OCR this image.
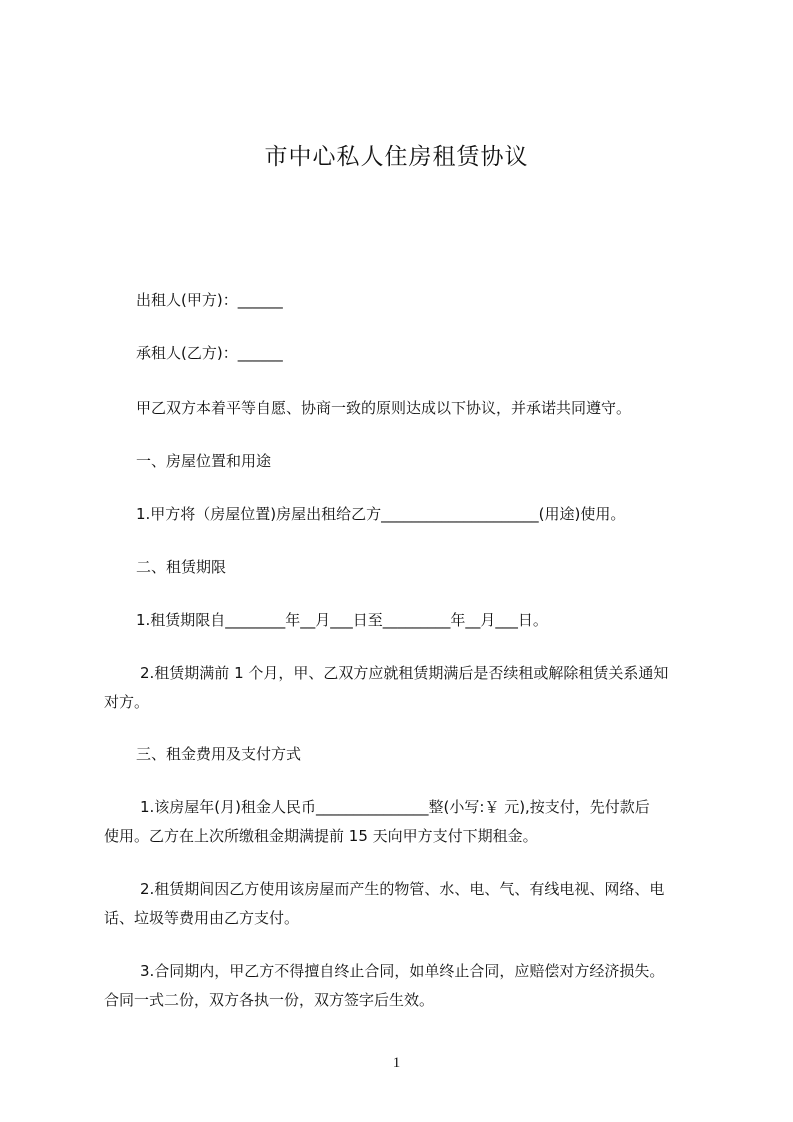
市中心私人住房租赁协议
出租人(甲方)：______
承租人(乙方)：______
甲乙双方本着平等自愿、协商一致的原则达成以下协议，并承诺共同遵守。
一、房屋位置和用途
1.甲方将（房屋位置)房屋出租给乙方_____________________(用途)使用。
二、租赁期限
1.租赁期限自________年__月___日至_________年__月___日。
2.租赁期满前 1 个月，甲、乙双方应就租赁期满后是否续租或解除租赁关系通知
对方。
三、租金费用及支付方式
1.该房屋年(月)租金人民币_______________整(小写:￥ 元),按支付，先付款后
使用。乙方在上次所缴租金期满提前 15 天向甲方支付下期租金。
2.租赁期间因乙方使用该房屋而产生的物管、水、电、气、有线电视、网络、电
话、垃圾等费用由乙方支付。
3.合同期内，甲乙方不得擅自终止合同，如单终止合同，应赔偿对方经济损失。
合同一式二份，双方各执一份，双方签字后生效。
1
